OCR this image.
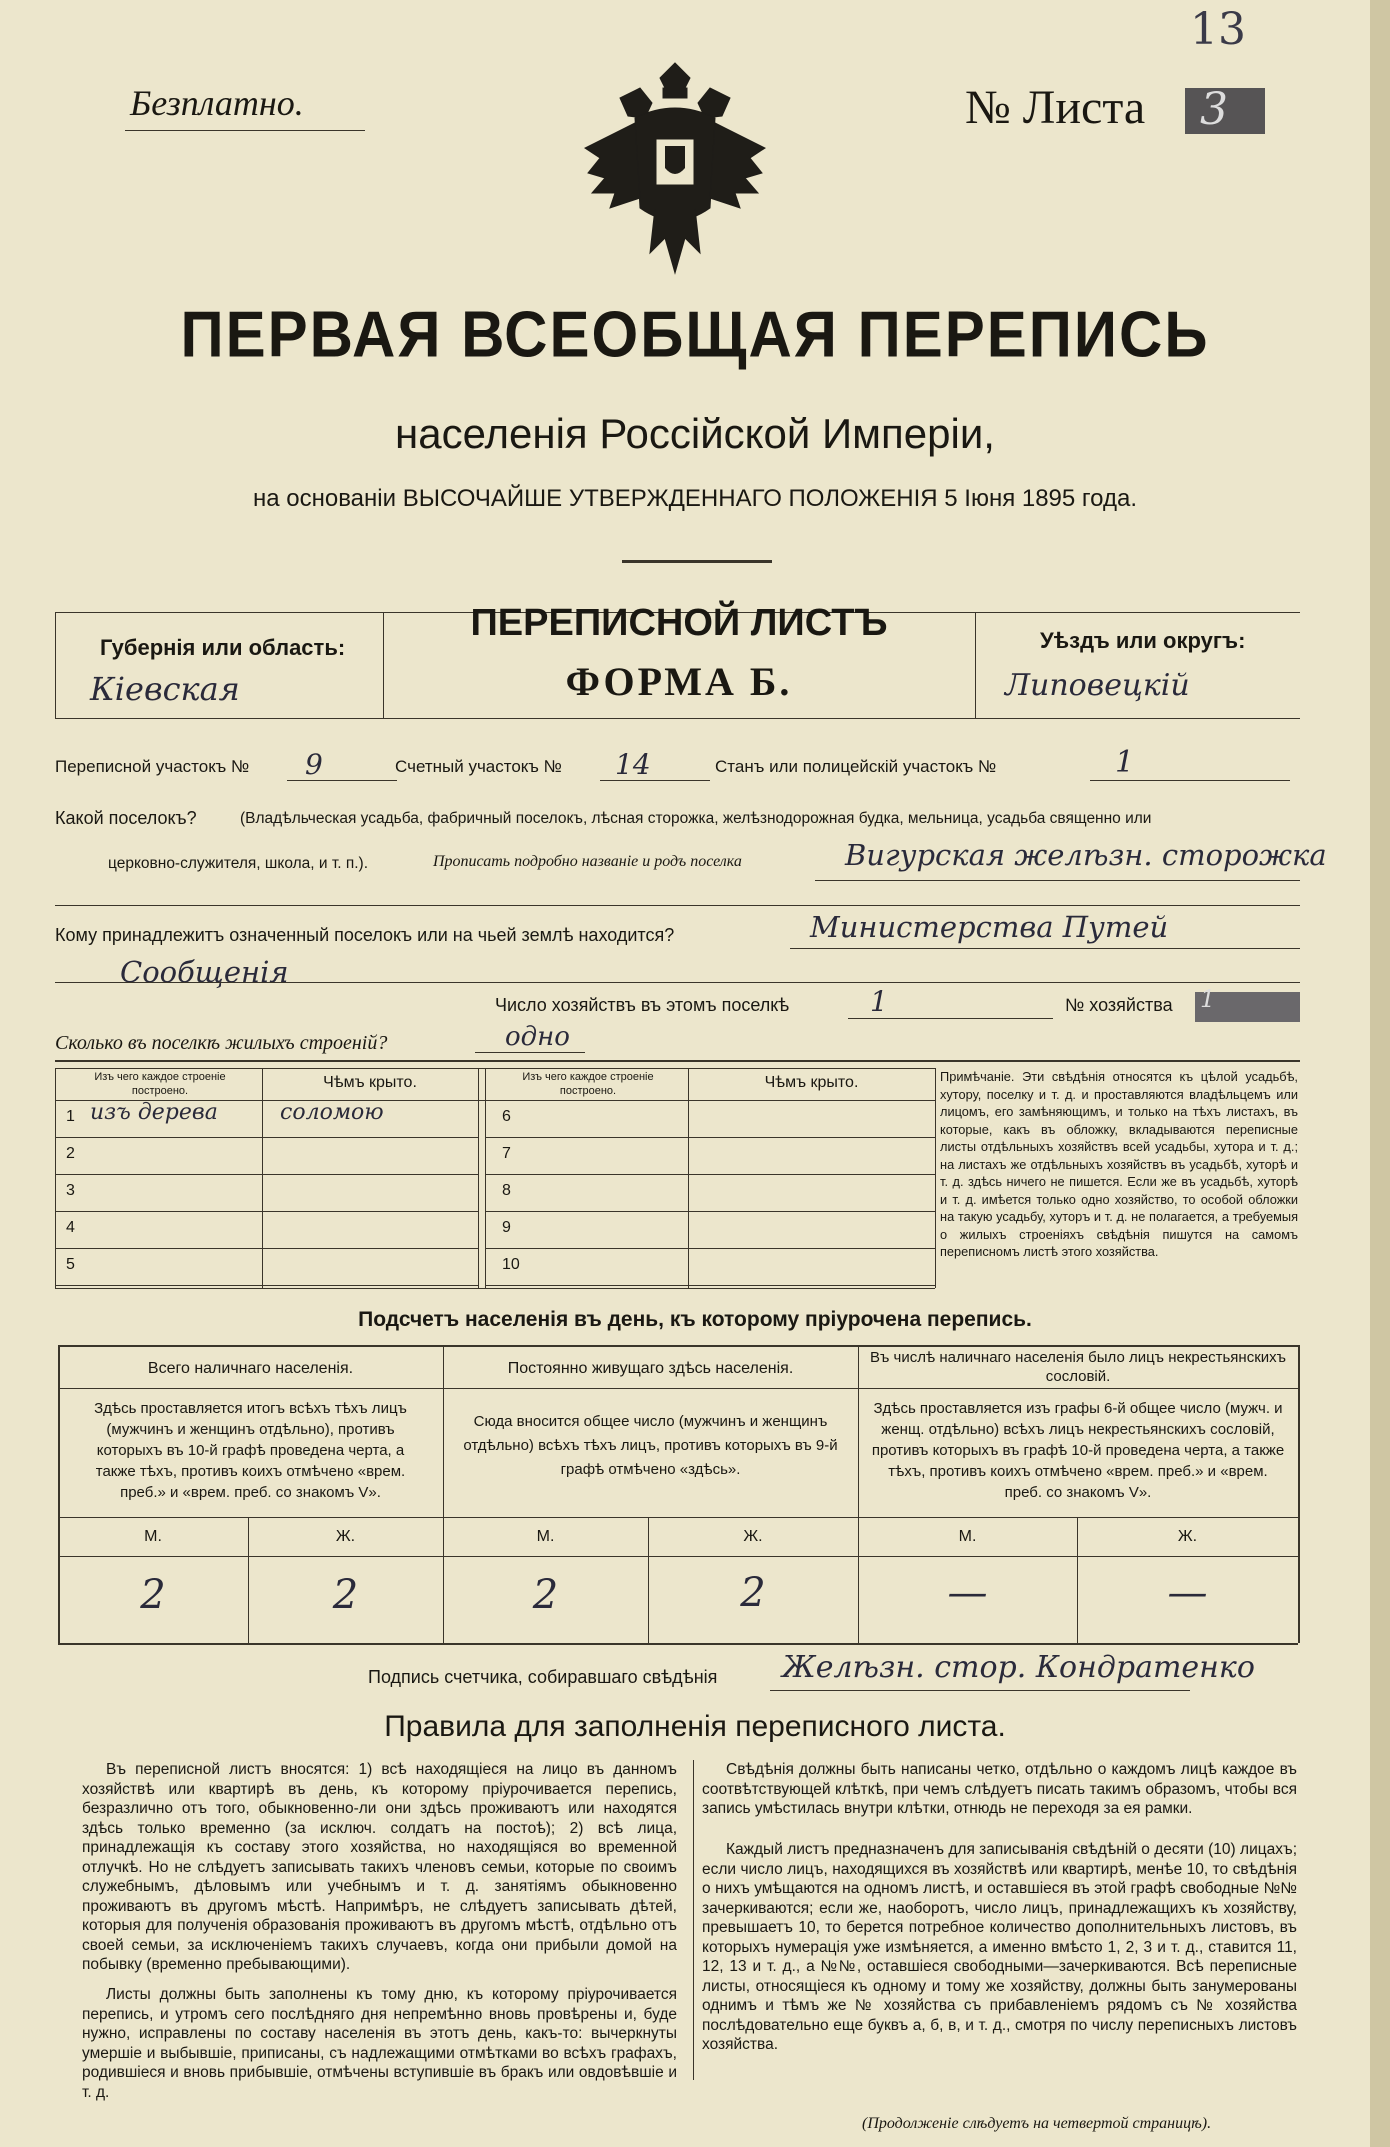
13
Безплатно.	№ Листа 3
ПЕРВАЯ ВСЕОБЩАЯ ПЕРЕПИСЬ
населенія Россійской Имперіи,
на основаніи ВЫСОЧАЙШЕ УТВЕРЖДЕННАГО ПОЛОЖЕНІЯ 5 Іюня 1895 года.
Губернія или область:
Кіевская
ПЕРЕПИСНОЙ ЛИСТЪ
ФОРМА Б.
Уѣздъ или округъ:
Липовецкій
Переписной участокъ № 9	Счетный участокъ № 14	Станъ или полицейскій участокъ №	1
Какой поселокъ?	(Владѣльческая усадьба, фабричный поселокъ, лѣсная сторожка, желѣзнодорожная будка, мельница, усадьба священно или
церковно-служителя, школа, и т. п.).	Прописать подробно названіе и родъ поселка	Вигурская желѣзн. сторожка
Кому принадлежитъ означенный поселокъ или на чьей землѣ находится?	Министерства Путей
Сообщенія
Число хозяйствъ въ этомъ поселкѣ	1	№ хозяйства 1
Сколько въ поселкѣ жилыхъ строеній?	одно
Изъ чего каждое строеніе построено.	Чѣмъ крыто.	Изъ чего каждое строеніе построено.	Чѣмъ крыто.
1 изъ дерева	соломою
2
3
4
5
6
7
8
9
10
Примѣчаніе. Эти свѣдѣнія относятся къ цѣлой усадьбѣ, хутору, поселку и т. д. и проставляются владѣльцемъ или лицомъ, его замѣняющимъ, и только на тѣхъ листахъ, въ которые, какъ въ обложку, вкладываются переписные листы отдѣльныхъ хозяйствъ всей усадьбы, хутора и т. д.; на листахъ же отдѣльныхъ хозяйствъ въ усадьбѣ, хуторѣ и т. д. здѣсь ничего не пишется. Если же въ усадьбѣ, хуторѣ и т. д. имѣется только одно хозяйство, то особой обложки на такую усадьбу, хуторъ и т. д. не полагается, а требуемыя о жилыхъ строеніяхъ свѣдѣнія пишутся на самомъ переписномъ листѣ этого хозяйства.
Подсчетъ населенія въ день, къ которому пріурочена перепись.
Всего наличнаго населенія.	Постоянно живущаго здѣсь населенія.
Въ числѣ наличнаго населенія было лицъ некрестьянскихъ сословій.
Здѣсь проставляется итогъ всѣхъ тѣхъ лицъ (мужчинъ и женщинъ отдѣльно), противъ которыхъ въ 10-й графѣ проведена черта, а также тѣхъ, противъ коихъ отмѣчено «врем. преб.» и «врем. преб. со знакомъ V».
Сюда вносится общее число (мужчинъ и женщинъ отдѣльно) всѣхъ тѣхъ лицъ, противъ которыхъ въ 9-й графѣ отмѣчено «здѣсь».
Здѣсь проставляется изъ графы 6-й общее число (мужч. и женщ. отдѣльно) всѣхъ лицъ некрестьянскихъ сословій, противъ которыхъ въ графѣ 10-й проведена черта, а также тѣхъ, противъ коихъ отмѣчено «врем. преб.» и «врем. преб. со знакомъ V».
М.	Ж.	М.	Ж.	М.	Ж.
2	2	2	2	—	—
Подпись счетчика, собиравшаго свѣдѣнія Желѣзн. стор. Кондратенко
Правила для заполненія переписного листа.
Въ переписной листъ вносятся: 1) всѣ находящіеся на лицо въ данномъ хозяйствѣ или квартирѣ въ день, къ которому пріурочивается перепись, безразлично отъ того, обыкновенно-ли они здѣсь проживаютъ или находятся здѣсь только временно (за исключ. солдатъ на постоѣ); 2) всѣ лица, принадлежащія къ составу этого хозяйства, но находящіяся во временной отлучкѣ. Но не слѣдуетъ записывать такихъ членовъ семьи, которые по своимъ служебнымъ, дѣловымъ или учебнымъ и т. д. занятіямъ обыкновенно проживаютъ въ другомъ мѣстѣ. Напримѣръ, не слѣдуетъ записывать дѣтей, которыя для полученія образованія проживаютъ въ другомъ мѣстѣ, отдѣльно отъ своей семьи, за исключеніемъ такихъ случаевъ, когда они прибыли домой на побывку (временно пребывающими).
Листы должны быть заполнены къ тому дню, къ которому пріурочивается перепись, и утромъ сего послѣдняго дня непремѣнно вновь провѣрены и, буде нужно, исправлены по составу населенія въ этотъ день, какъ-то: вычеркнуты умершіе и выбывшіе, приписаны, съ надлежащими отмѣтками во всѣхъ графахъ, родившіеся и вновь прибывшіе, отмѣчены вступившіе въ бракъ или овдовѣвшіе и т. д.
Свѣдѣнія должны быть написаны четко, отдѣльно о каждомъ лицѣ каждое въ соотвѣтствующей клѣткѣ, при чемъ слѣдуетъ писать такимъ образомъ, чтобы вся запись умѣстилась внутри клѣтки, отнюдь не переходя за ея рамки.
Каждый листъ предназначенъ для записыванія свѣдѣній о десяти (10) лицахъ; если число лицъ, находящихся въ хозяйствѣ или квартирѣ, менѣе 10, то свѣдѣнія о нихъ умѣщаются на одномъ листѣ, и оставшіеся въ этой графѣ свободные №№ зачеркиваются; если же, наоборотъ, число лицъ, принадлежащихъ къ хозяйству, превышаетъ 10, то берется потребное количество дополнительныхъ листовъ, въ которыхъ нумерація уже измѣняется, а именно вмѣсто 1, 2, 3 и т. д., ставится 11, 12, 13 и т. д., а №№, оставшіеся свободными—зачеркиваются. Всѣ переписные листы, относящіеся къ одному и тому же хозяйству, должны быть занумерованы однимъ и тѣмъ же № хозяйства съ прибавленіемъ рядомъ съ № хозяйства послѣдовательно еще буквъ а, б, в, и т. д., смотря по числу переписныхъ листовъ хозяйства.
(Продолженіе слѣдуетъ на четвертой страницѣ).
